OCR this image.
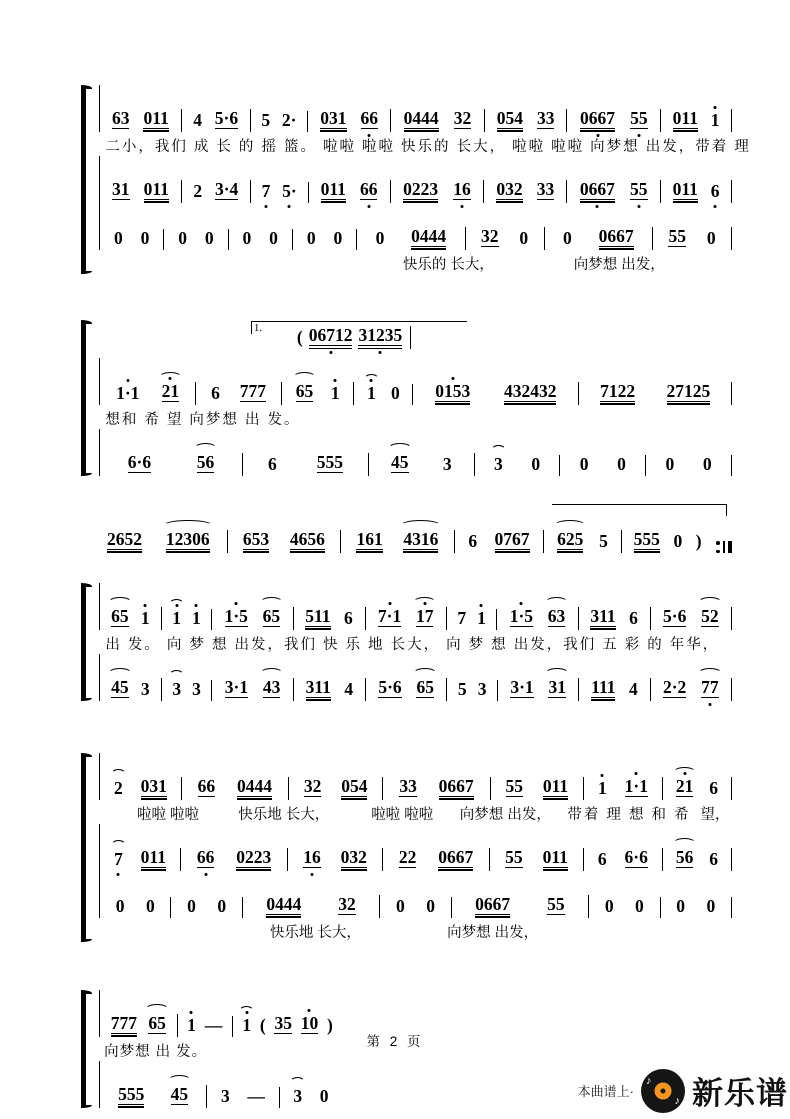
63 011 4 5·6 5 2· 031 66 0444 32 054 33 0667 55 011 1
二小，我们 成 长 的 摇 篮。 啦啦 啦啦 快乐的 长大， 啦啦 啦啦 向梦想 出发，带着 理
31 011 2 3·4 7 5· 011 66 0223 16 032 33 0667 55 011 6
0 0 0 0 0 0 0 0 0 0444 32 0 0 0667 55 0
快乐的 长大，	向梦想 出发，
1. ( 06712 31235
1·1 21 6 777 65 1 1 0 0153 432432 7122 27125
想和 希 望 向梦想 出 发。
6·6	56	6 555	45 3 3 0 0 0 0 0
2652 12306 653 4656 161 4316 6 0767 625 5 555 0 )
65 1 1 1 1·5 65 511 6 7·1 17 7 1 1·5 63 311 6 5·6 52
出 发。 向 梦 想 出发，我们 快 乐 地 长大， 向 梦 想 出发，我们 五 彩 的 年华，
45 3 3 3 3·1 43 311 4 5·6 65 5 3 3·1 31 111 4 2·2 77
2 031 66 0444 32 054 33 0667 55 011 1 1·1 21 6
啦啦 啦啦	快乐地 长大，	啦啦 啦啦 向梦想 出发， 带着 理 想 和 希 望，
7 011 66 0223 16 032 22 0667 55 011 6 6·6 56 6
0 0 0 0 0444 32 0 0 0667 55 0 0 0 0
快乐地 长大，	向梦想 出发，
777 65 1 — 1 ( 35 10 )
向梦想 出 发。
555 45 3 — 3 0
第 2 页
本曲谱上·
♪
♪ 新乐谱
